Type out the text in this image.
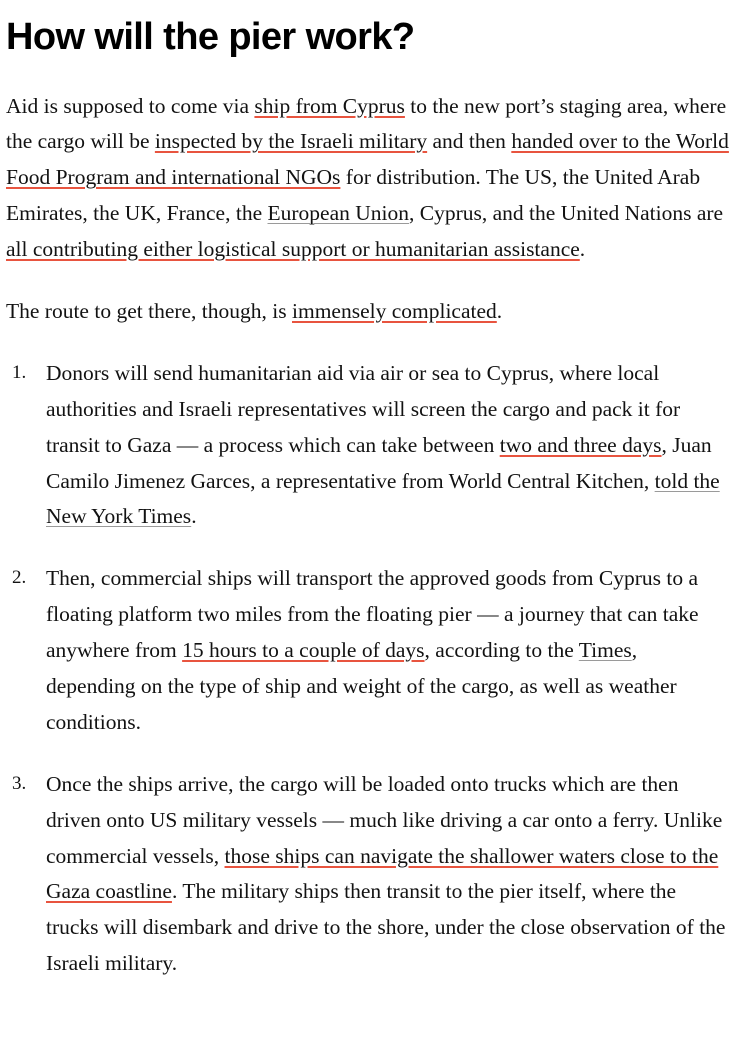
How will the pier work?

Aid is supposed to come via ship from Cyprus to the new port’s staging area, where the cargo will be inspected by the Israeli military and then handed over to the World Food Program and international NGOs for distribution. The US, the United Arab Emirates, the UK, France, the European Union, Cyprus, and the United Nations are all contributing either logistical support or humanitarian assistance.

The route to get there, though, is immensely complicated.

1. Donors will send humanitarian aid via air or sea to Cyprus, where local authorities and Israeli representatives will screen the cargo and pack it for transit to Gaza — a process which can take between two and three days, Juan Camilo Jimenez Garces, a representative from World Central Kitchen, told the New York Times.
2. Then, commercial ships will transport the approved goods from Cyprus to a floating platform two miles from the floating pier — a journey that can take anywhere from 15 hours to a couple of days, according to the Times, depending on the type of ship and weight of the cargo, as well as weather conditions.
3. Once the ships arrive, the cargo will be loaded onto trucks which are then driven onto US military vessels — much like driving a car onto a ferry. Unlike commercial vessels, those ships can navigate the shallower waters close to the Gaza coastline. The military ships then transit to the pier itself, where the trucks will disembark and drive to the shore, under the close observation of the Israeli military.
